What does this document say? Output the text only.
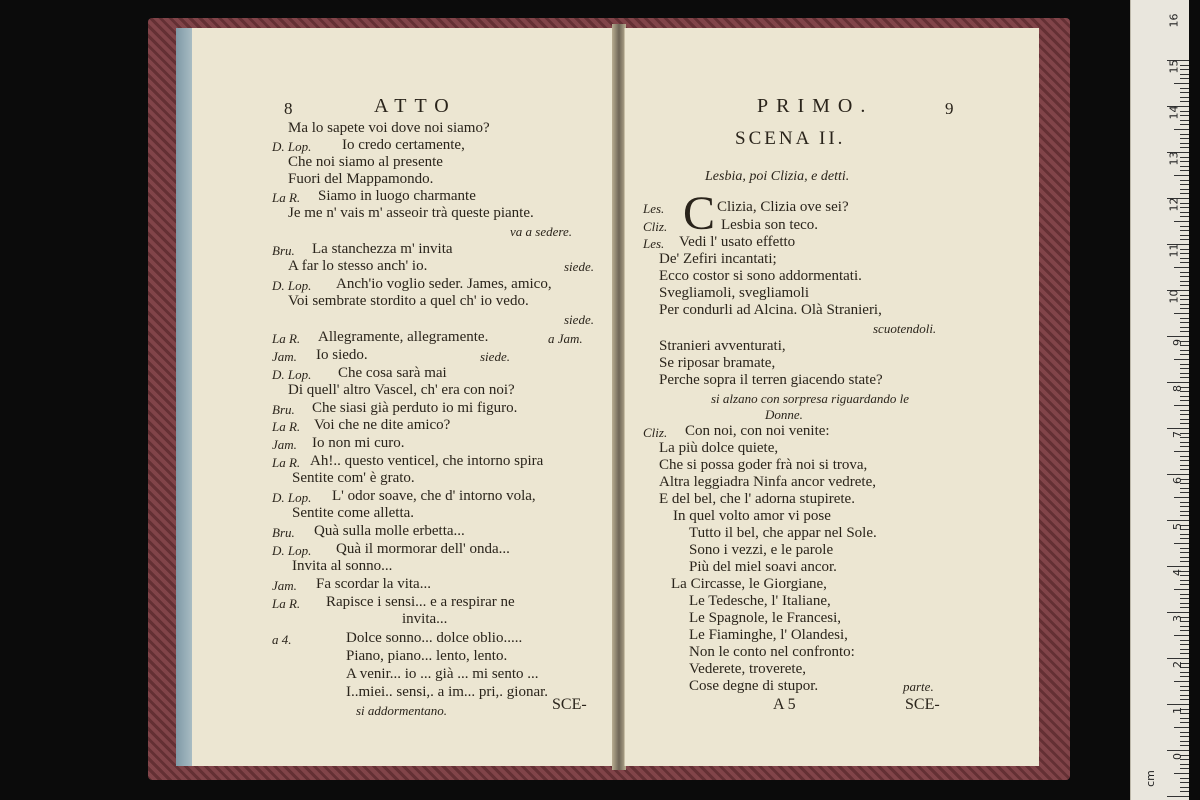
8	ATTO
Ma lo sapete voi dove noi siamo?
D. Lop. Io credo certamente,
Che noi siamo al presente
Fuori del Mappamondo.
La R. Siamo in luogo charmante
Je me n' vais m' asseoir trà queste piante.
va a sedere.
Bru. La stanchezza m' invita
A far lo stesso anch' io.	siede.
D. Lop. Anch'io voglio seder. James, amico,
Voi sembrate stordito a quel ch' io vedo.
siede.
La R. Allegramente, allegramente.	a Jam.
Jam. Io siedo.	siede.
D. Lop. Che cosa sarà mai
Di quell' altro Vascel, ch' era con noi?
Bru. Che siasi già perduto io mi figuro.
La R. Voi che ne dite amico?
Jam. Io non mi curo.
La R. Ah!.. questo venticel, che intorno spira
Sentite com' è grato.
D. Lop. L' odor soave, che d' intorno vola,
Sentite come alletta.
Bru. Quà sulla molle erbetta...
D. Lop. Quà il mormorar dell' onda...
Invita al sonno...
Jam. Fa scordar la vita...
La R. Rapisce i sensi... e a respirar ne
invita...
a 4.	Dolce sonno... dolce oblio.....
Piano, piano... lento, lento.
A venir... io ... già ... mi sento ...
I..miei.. sensi,. a im... pri,. gionar.
si addormentano.	SCE-
PRIMO.	9
SCENA II.
Lesbia, poi Clizia, e detti.
Les. C Clizia, Clizia ove sei?
Cliz.	Lesbia son teco.
Les. Vedi l' usato effetto
De' Zefiri incantati;
Ecco costor si sono addormentati.
Svegliamoli, svegliamoli
Per condurli ad Alcina. Olà Stranieri,
scuotendoli.
Stranieri avventurati,
Se riposar bramate,
Perche sopra il terren giacendo state?
si alzano con sorpresa riguardando le
Donne.
Cliz. Con noi, con noi venite:
La più dolce quiete,
Che si possa goder frà noi si trova,
Altra leggiadra Ninfa ancor vedrete,
E del bel, che l' adorna stupirete.
In quel volto amor vi pose
Tutto il bel, che appar nel Sole.
Sono i vezzi, e le parole
Più del miel soavi ancor.
La Circasse, le Giorgiane,
Le Tedesche, l' Italiane,
Le Spagnole, le Francesi,
Le Fiaminghe, l' Olandesi,
Non le conto nel confronto:
Vederete, troverete,
Cose degne di stupor.	parte.
A 5	SCE-
16
15
14
13
12
11
10
9
8
7
6
5
4
3
2
1
0
cm
